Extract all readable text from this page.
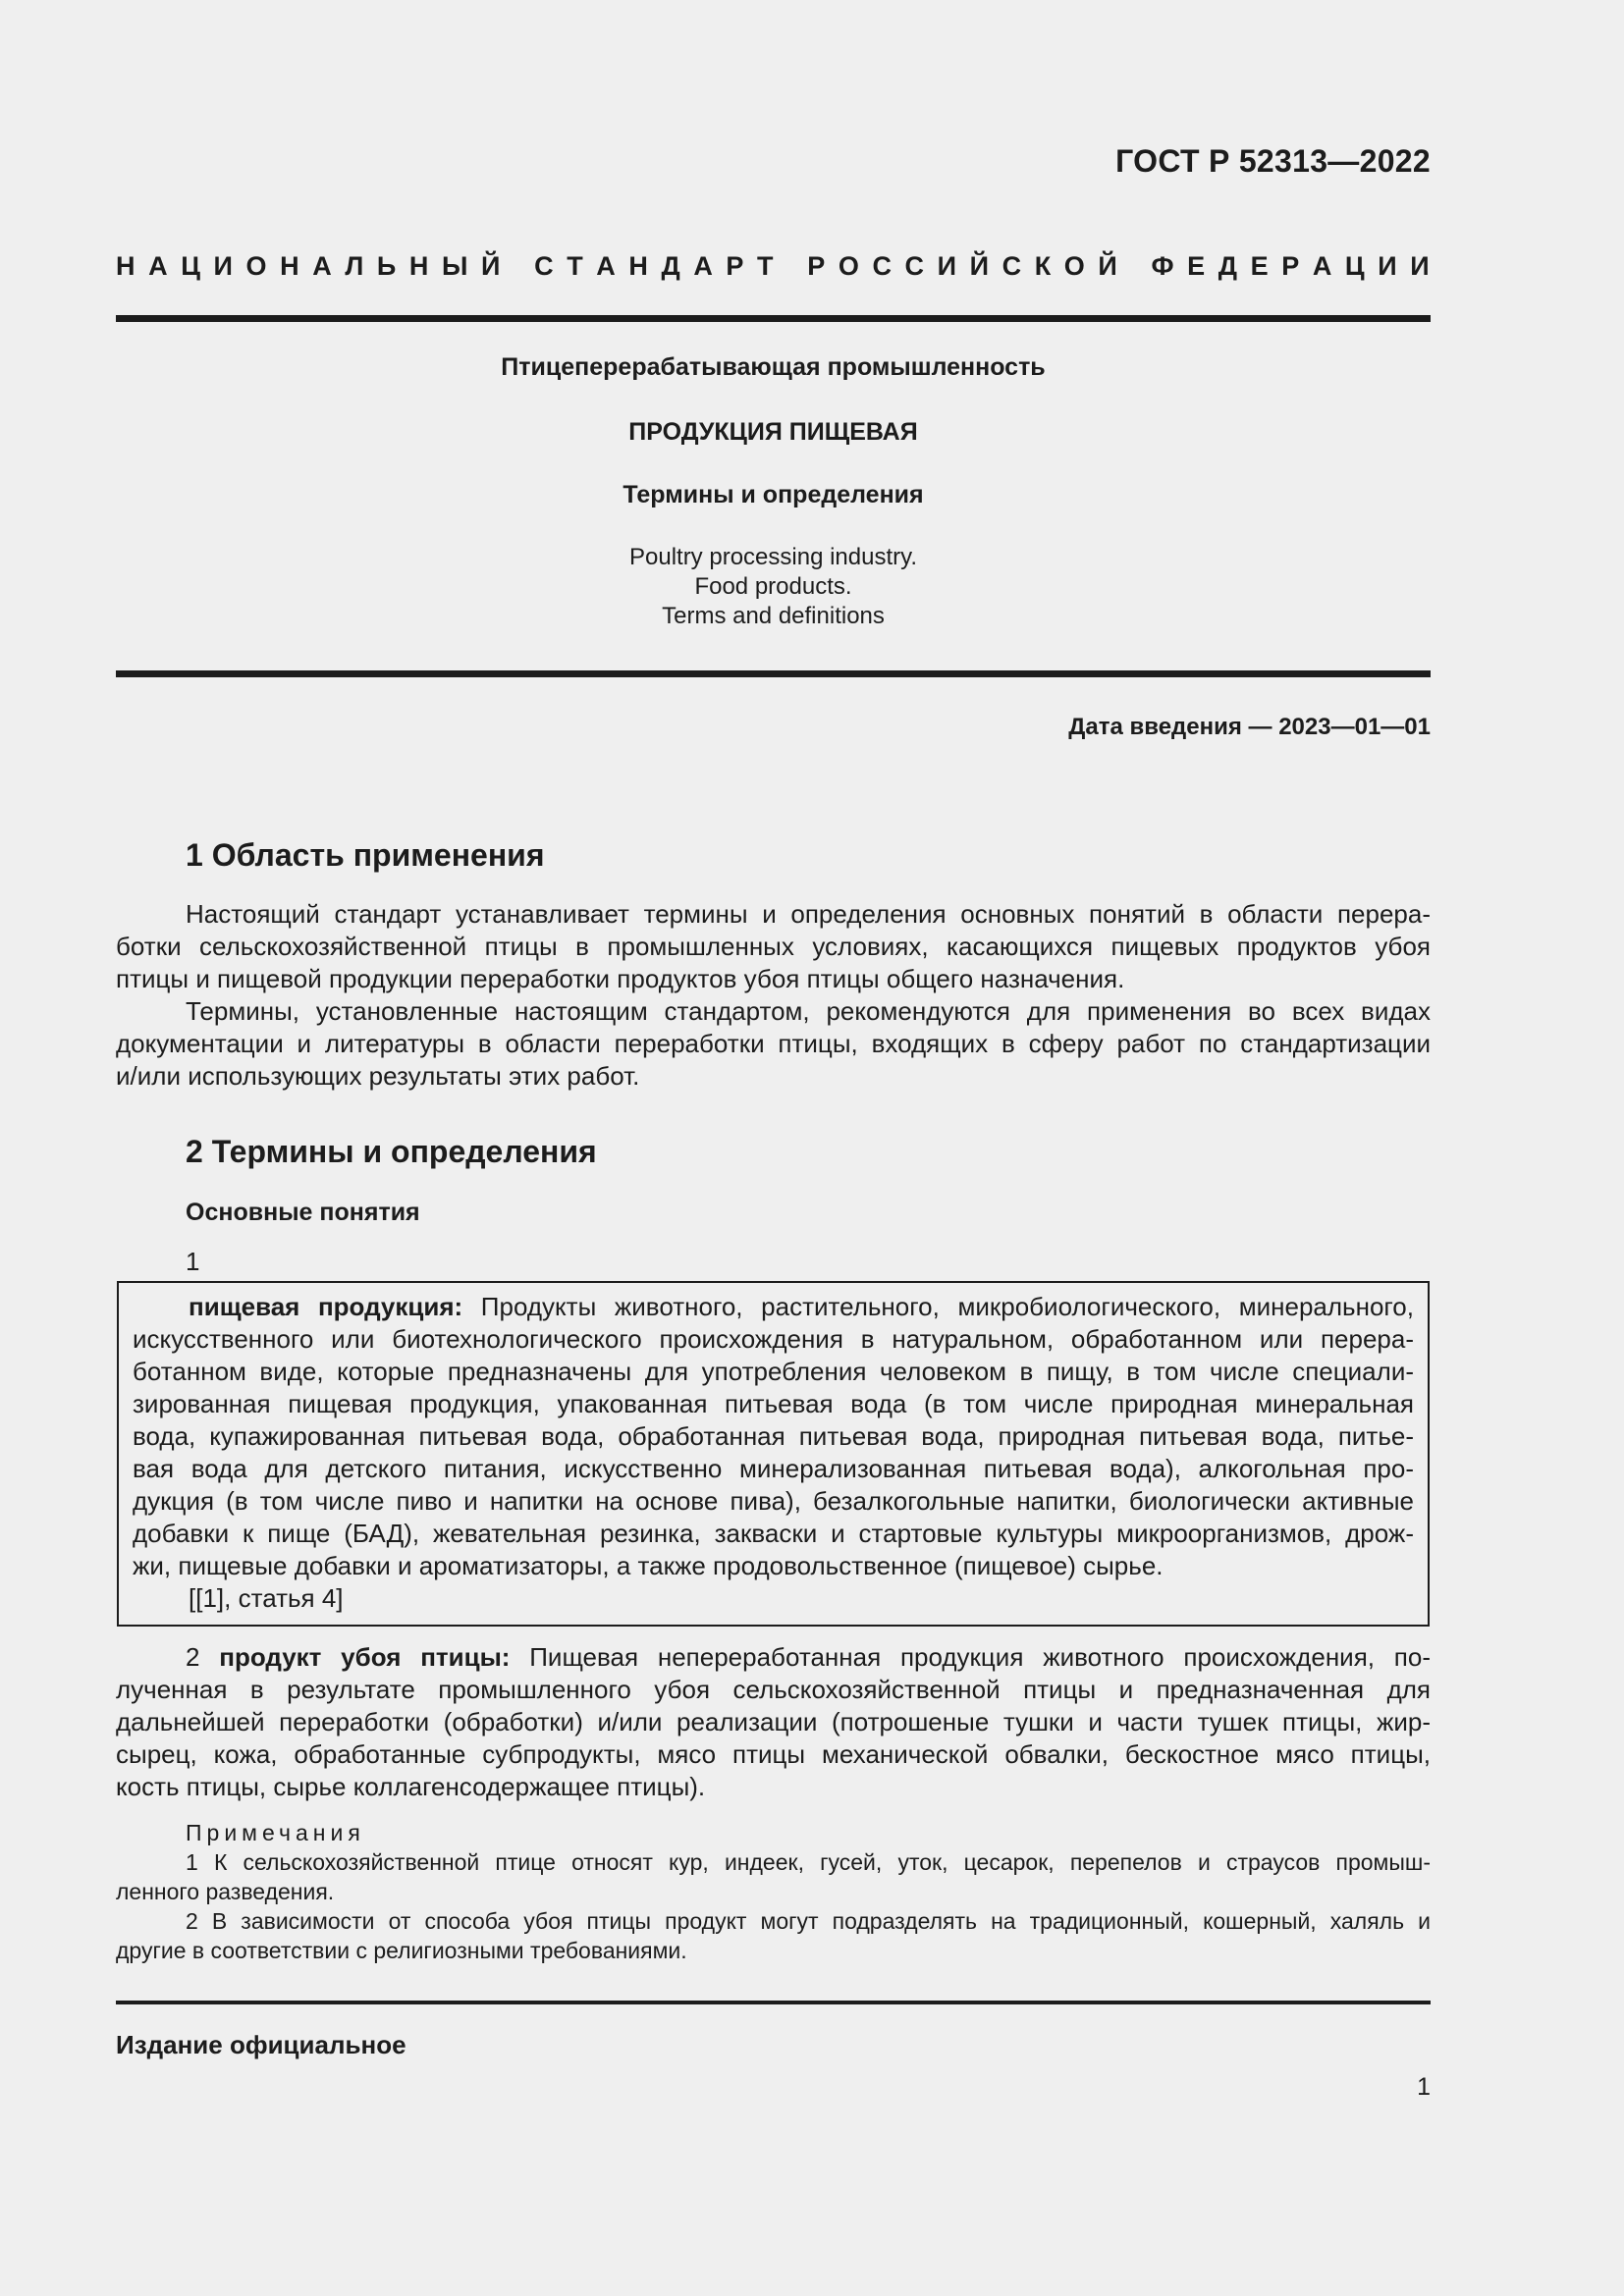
ГОСТ Р 52313—2022
Н А Ц И О Н А Л Ь Н Ы Й
С Т А Н Д А Р Т
Р О С С И Й С К О Й
Ф Е Д Е Р А Ц И И
Птицеперерабатывающая промышленность
ПРОДУКЦИЯ ПИЩЕВАЯ
Термины и определения
Poultry processing industry.
Food products.
Terms and definitions
Дата введения — 2023—01—01
1 Область применения
Настоящий стандарт устанавливает термины и определения основных понятий в области перера-
ботки сельскохозяйственной птицы в промышленных условиях, касающихся пищевых продуктов убоя
птицы и пищевой продукции переработки продуктов убоя птицы общего назначения.
Термины, установленные настоящим стандартом, рекомендуются для применения во всех видах
документации и литературы в области переработки птицы, входящих в сферу работ по стандартизации
и/или использующих результаты этих работ.
2 Термины и определения
Основные понятия
1
пищевая продукция: Продукты животного, растительного, микробиологического, минерального,
искусственного или биотехнологического происхождения в натуральном, обработанном или перера-
ботанном виде, которые предназначены для употребления человеком в пищу, в том числе специали-
зированная пищевая продукция, упакованная питьевая вода (в том числе природная минеральная
вода, купажированная питьевая вода, обработанная питьевая вода, природная питьевая вода, питье-
вая вода для детского питания, искусственно минерализованная питьевая вода), алкогольная про-
дукция (в том числе пиво и напитки на основе пива), безалкогольные напитки, биологически активные
добавки к пище (БАД), жевательная резинка, закваски и стартовые культуры микроорганизмов, дрож-
жи, пищевые добавки и ароматизаторы, а также продовольственное (пищевое) сырье.
[[1], статья 4]
2 продукт убоя птицы: Пищевая непереработанная продукция животного происхождения, по-
лученная в результате промышленного убоя сельскохозяйственной птицы и предназначенная для
дальнейшей переработки (обработки) и/или реализации (потрошеные тушки и части тушек птицы, жир-
сырец, кожа, обработанные субпродукты, мясо птицы механической обвалки, бескостное мясо птицы,
кость птицы, сырье коллагенсодержащее птицы).
Примечания
1 К сельскохозяйственной птице относят кур, индеек, гусей, уток, цесарок, перепелов и страусов промыш-
ленного разведения.
2 В зависимости от способа убоя птицы продукт могут подразделять на традиционный, кошерный, халяль и
другие в соответствии с религиозными требованиями.
Издание официальное
1
